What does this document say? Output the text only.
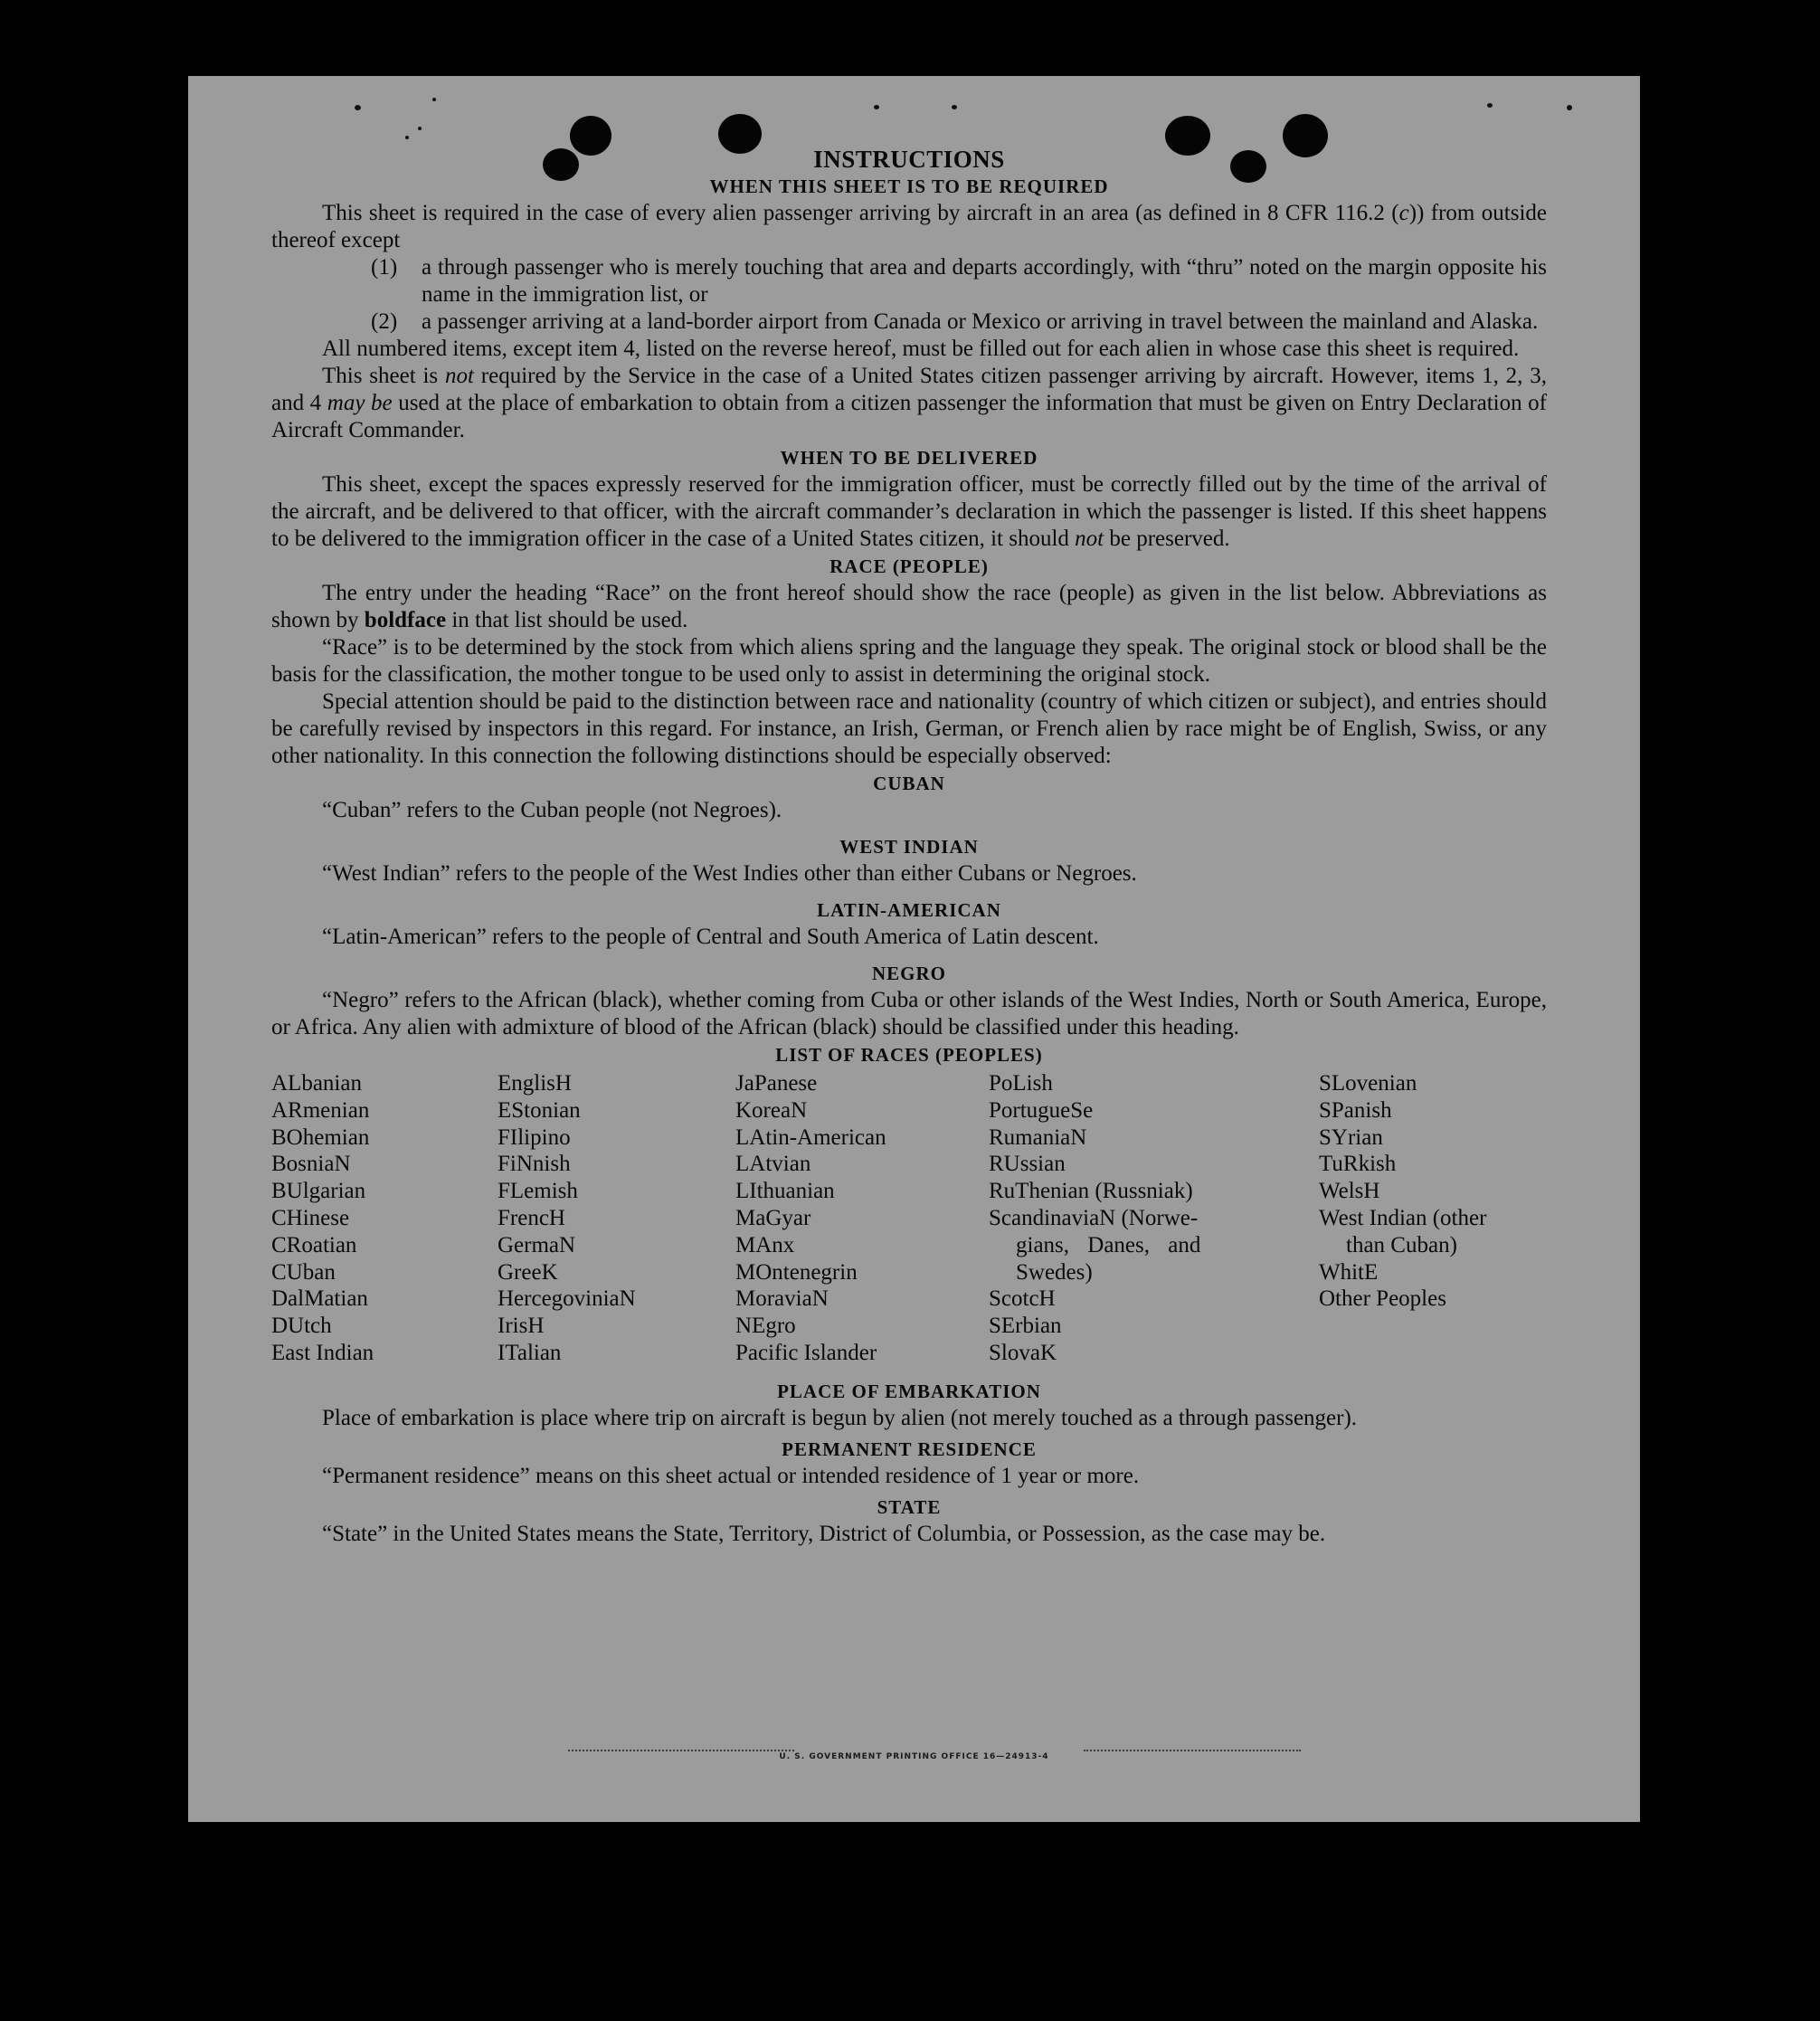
INSTRUCTIONS
WHEN THIS SHEET IS TO BE REQUIRED

This sheet is required in the case of every alien passenger arriving by aircraft in an area (as defined in 8 CFR 116.2 (c)) from outside thereof except

(1)	a through passenger who is merely touching that area and departs accordingly, with “thru” noted on the margin opposite his name in the immigration list, or
(2)	a passenger arriving at a land-border airport from Canada or Mexico or arriving in travel between the mainland and Alaska.

All numbered items, except item 4, listed on the reverse hereof, must be filled out for each alien in whose case this sheet is required.

This sheet is not required by the Service in the case of a United States citizen passenger arriving by aircraft. However, items 1, 2, 3, and 4 may be used at the place of embarkation to obtain from a citizen passenger the information that must be given on Entry Declaration of Aircraft Commander.

WHEN TO BE DELIVERED

This sheet, except the spaces expressly reserved for the immigration officer, must be correctly filled out by the time of the arrival of the aircraft, and be delivered to that officer, with the aircraft commander’s declaration in which the passenger is listed. If this sheet happens to be delivered to the immigration officer in the case of a United States citizen, it should not be preserved.

RACE (PEOPLE)

The entry under the heading “Race” on the front hereof should show the race (people) as given in the list below. Abbreviations as shown by boldface in that list should be used.

“Race” is to be determined by the stock from which aliens spring and the language they speak. The original stock or blood shall be the basis for the classification, the mother tongue to be used only to assist in determining the original stock.

Special attention should be paid to the distinction between race and nationality (country of which citizen or subject), and entries should be carefully revised by inspectors in this regard. For instance, an Irish, German, or French alien by race might be of English, Swiss, or any other nationality. In this connection the following distinctions should be especially observed:

CUBAN

“Cuban” refers to the Cuban people (not Negroes).

WEST INDIAN

“West Indian” refers to the people of the West Indies other than either Cubans or Negroes.

LATIN-AMERICAN

“Latin-American” refers to the people of Central and South America of Latin descent.

NEGRO

“Negro” refers to the African (black), whether coming from Cuba or other islands of the West Indies, North or South America, Europe, or Africa. Any alien with admixture of blood of the African (black) should be classified under this heading.

LIST OF RACES (PEOPLES)
ALbanian
ARmenian
BOhemian
BosniaN
BUlgarian
CHinese
CRoatian
CUban
DalMatian
DUtch
East Indian
EnglisH
EStonian
FIlipino
FiNnish
FLemish
FrencH
GermaN
GreeK
HercegoviniaN
IrisH
ITalian
JaPanese
KoreaN
LAtin-American
LAtvian
LIthuanian
MaGyar
MAnx
MOntenegrin
MoraviaN
NEgro
Pacific Islander
PoLish
PortugueSe
RumaniaN
RUssian
RuThenian (Russniak)
ScandinaviaN (Norwe-
gians, Danes, and
Swedes)
ScotcH
SErbian
SlovaK
SLovenian
SPanish
SYrian
TuRkish
WelsH
West Indian (other
than Cuban)
WhitE
Other Peoples
PLACE OF EMBARKATION

Place of embarkation is place where trip on aircraft is begun by alien (not merely touched as a through passenger).

PERMANENT RESIDENCE

“Permanent residence” means on this sheet actual or intended residence of 1 year or more.

STATE

“State” in the United States means the State, Territory, District of Columbia, or Possession, as the case may be.

U. S. GOVERNMENT PRINTING OFFICE 16—24913-4
